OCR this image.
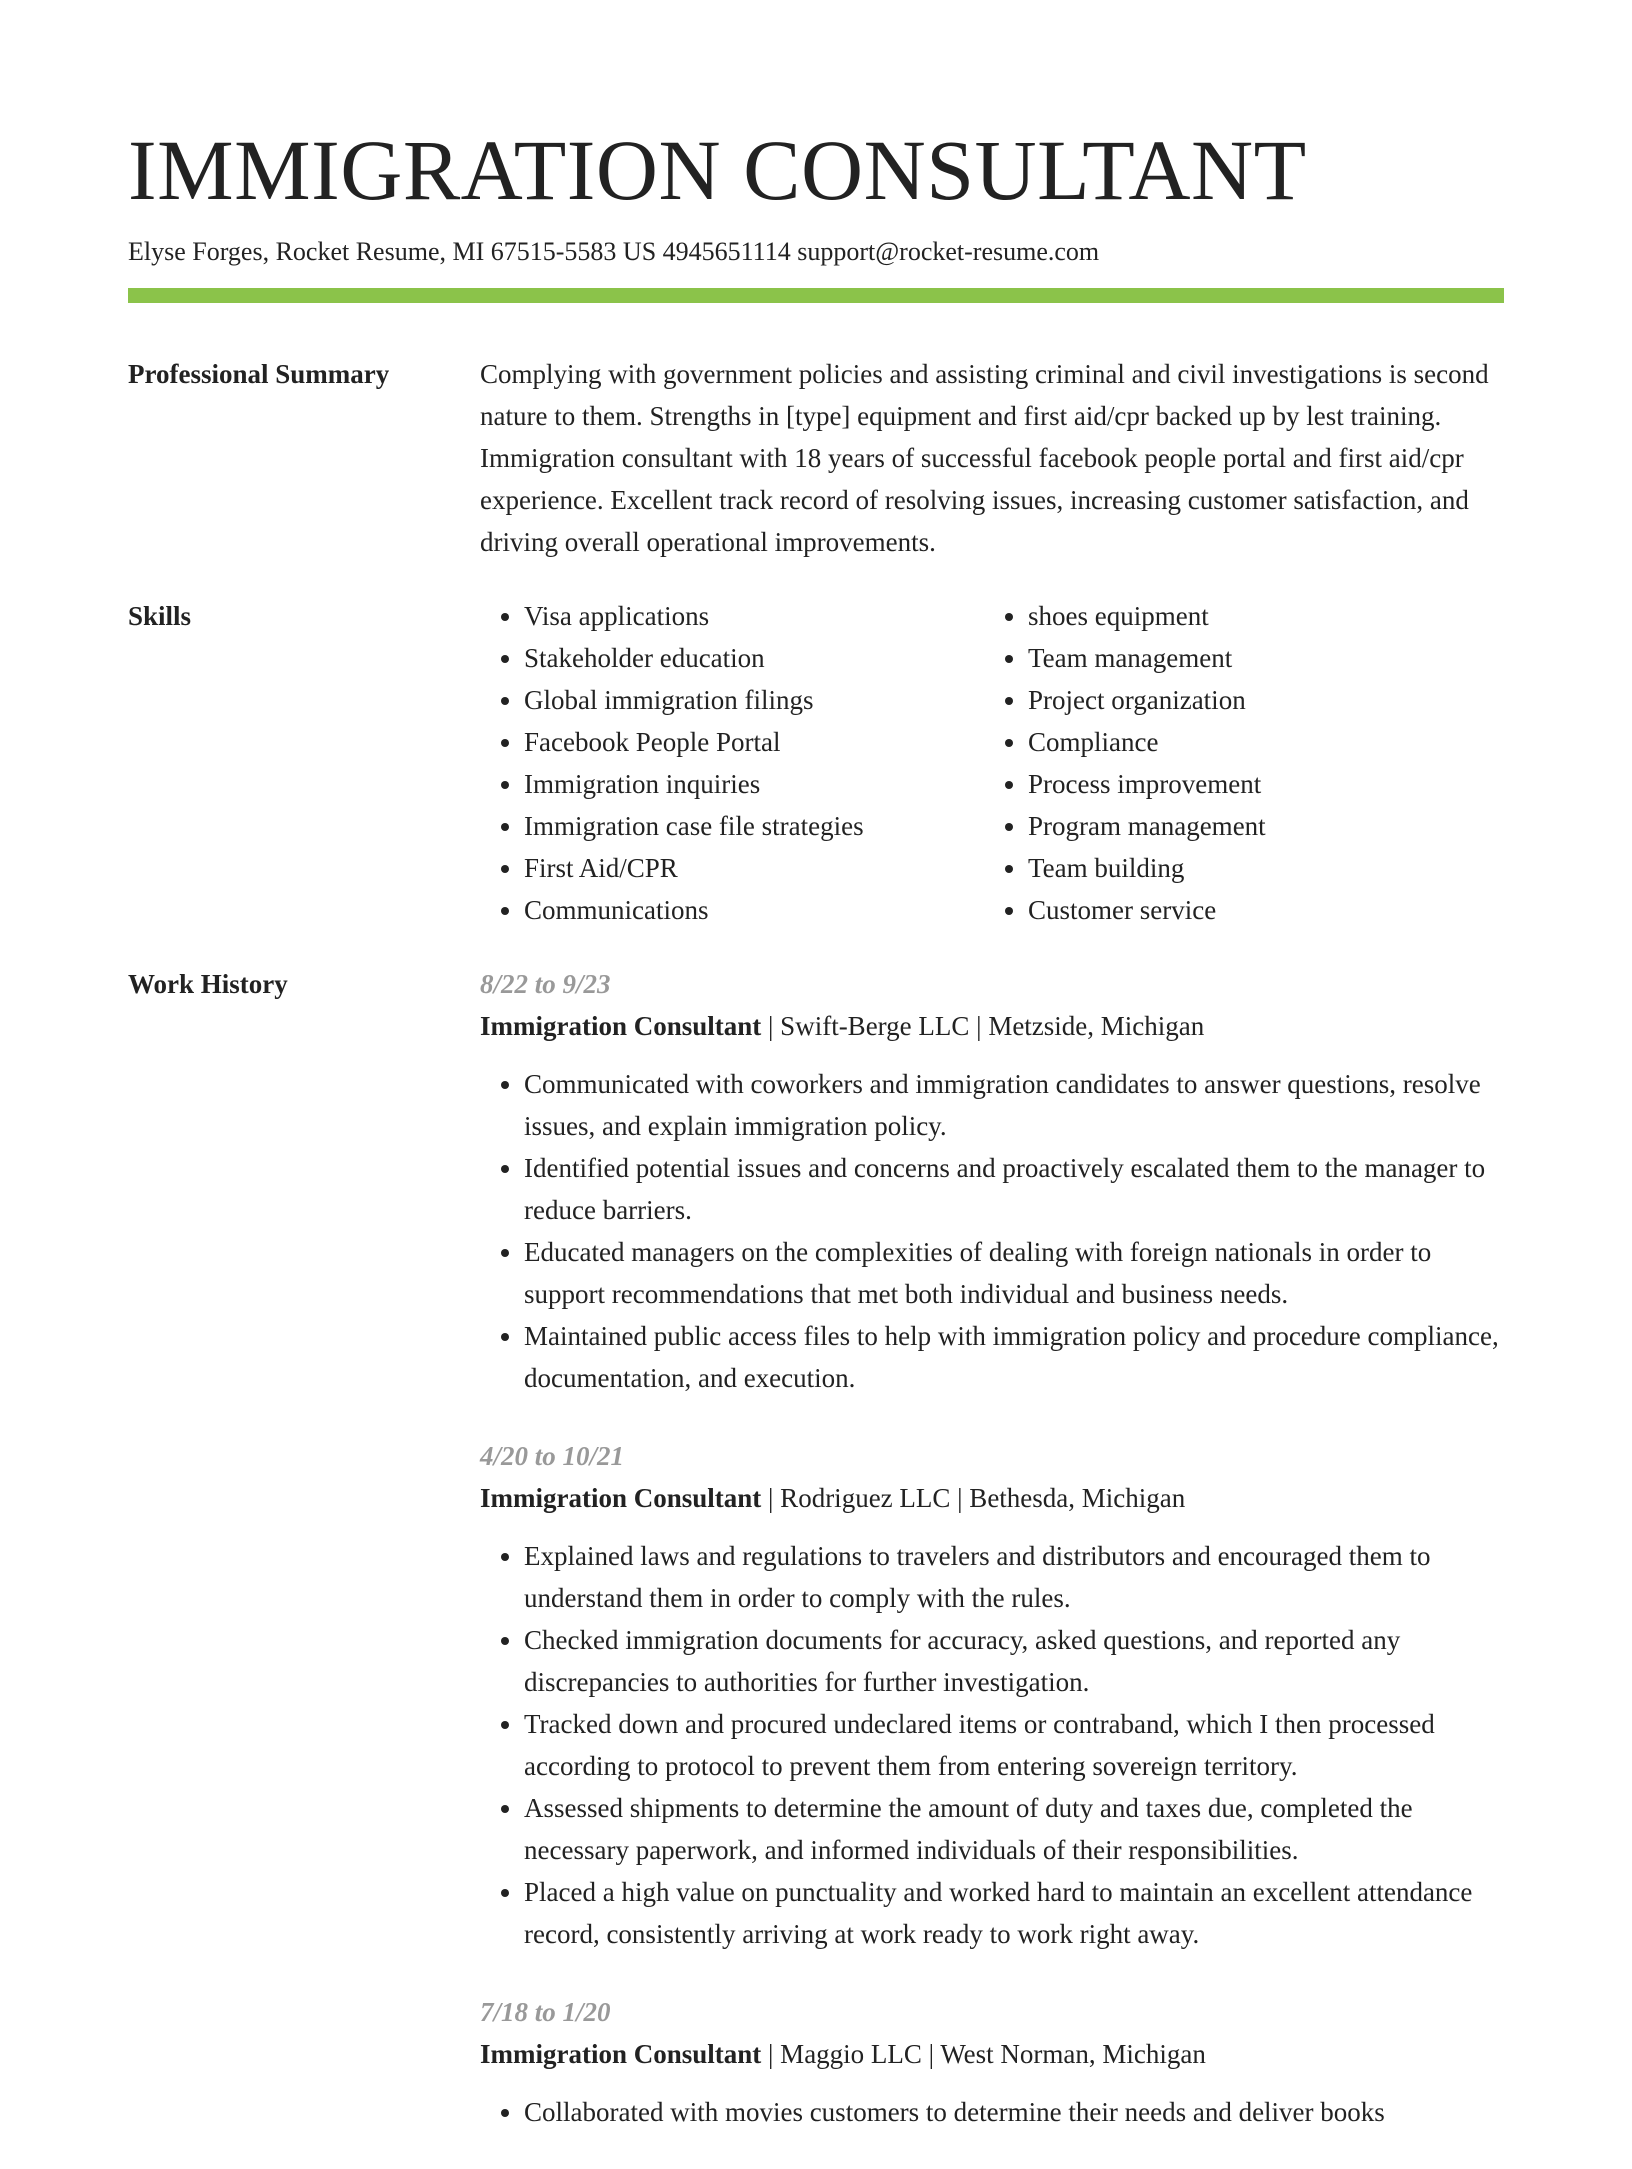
IMMIGRATION CONSULTANT
Elyse Forges, Rocket Resume, MI 67515-5583 US 4945651114 support@rocket-resume.com
Professional Summary	Complying with government policies and assisting criminal and civil investigations is second nature to them. Strengths in [type] equipment and first aid/cpr backed up by lest training. Immigration consultant with 18 years of successful facebook people portal and first aid/cpr experience. Excellent track record of resolving issues, increasing customer satisfaction, and driving overall operational improvements.

Skills
•	Visa applications
• Stakeholder education
• Global immigration filings
• Facebook People Portal
• Immigration inquiries
• Immigration case file strategies
• First Aid/CPR
• Communications
• shoes equipment
• Team management
• Project organization
• Compliance
• Process improvement
• Program management
• Team building
• Customer service
Work History	8/22 to 9/23
Immigration Consultant | Swift-Berge LLC | Metzside, Michigan
• Communicated with coworkers and immigration candidates to answer questions, resolve issues, and explain immigration policy.
• Identified potential issues and concerns and proactively escalated them to the manager to reduce barriers.
• Educated managers on the complexities of dealing with foreign nationals in order to support recommendations that met both individual and business needs.
• Maintained public access files to help with immigration policy and procedure compliance, documentation, and execution.
4/20 to 10/21
Immigration Consultant | Rodriguez LLC | Bethesda, Michigan
• Explained laws and regulations to travelers and distributors and encouraged them to understand them in order to comply with the rules.
• Checked immigration documents for accuracy, asked questions, and reported any discrepancies to authorities for further investigation.
• Tracked down and procured undeclared items or contraband, which I then processed according to protocol to prevent them from entering sovereign territory.
• Assessed shipments to determine the amount of duty and taxes due, completed the necessary paperwork, and informed individuals of their responsibilities.
• Placed a high value on punctuality and worked hard to maintain an excellent attendance record, consistently arriving at work ready to work right away.
7/18 to 1/20
Immigration Consultant | Maggio LLC | West Norman, Michigan
• Collaborated with movies customers to determine their needs and deliver books
